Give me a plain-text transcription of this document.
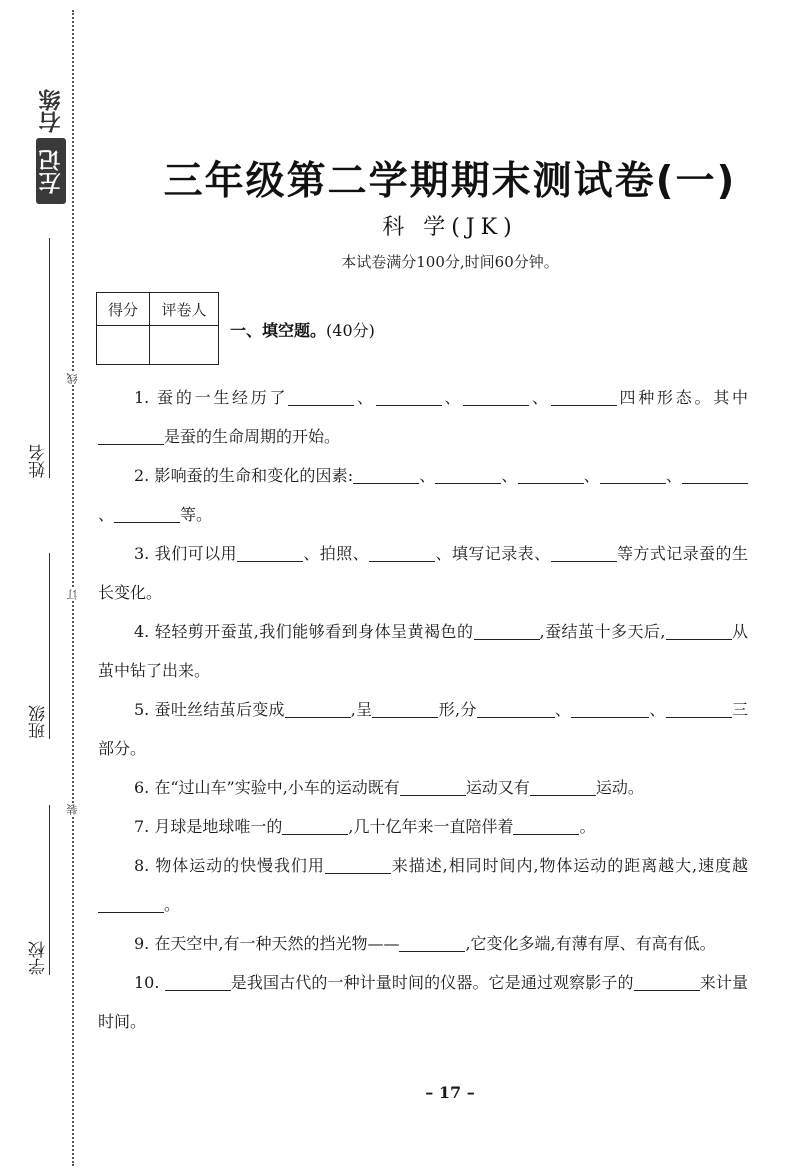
右练
左记
姓名
班级
学校
线
订
装
三年级第二学期期末测试卷(一)
科 学(JK)
本试卷满分100分,时间60分钟。
得分	评卷人

一、填空题。(40分)

1. 蚕的一生经历了	、	、	、	四种形态。其中是蚕的生命周期的开始。

2. 影响蚕的生命和变化的因素:	、	、	、	、、	等。

3. 我们可以用	、拍照、	、填写记录表、	等方式记录蚕的生长变化。

4. 轻轻剪开蚕茧,我们能够看到身体呈黄褐色的	,蚕结茧十多天后,	从茧中钻了出来。

5. 蚕吐丝结茧后变成	,呈	形,分	、	、	三部分。

6. 在“过山车”实验中,小车的运动既有	运动又有	运动。

7. 月球是地球唯一的	,几十亿年来一直陪伴着	。

8. 物体运动的快慢我们用	来描述,相同时间内,物体运动的距离越大,速度越。

9. 在天空中,有一种天然的挡光物——	,它变化多端,有薄有厚、有高有低。

10.	是我国古代的一种计量时间的仪器。它是通过观察影子的	来计量时间。

– 17 –
